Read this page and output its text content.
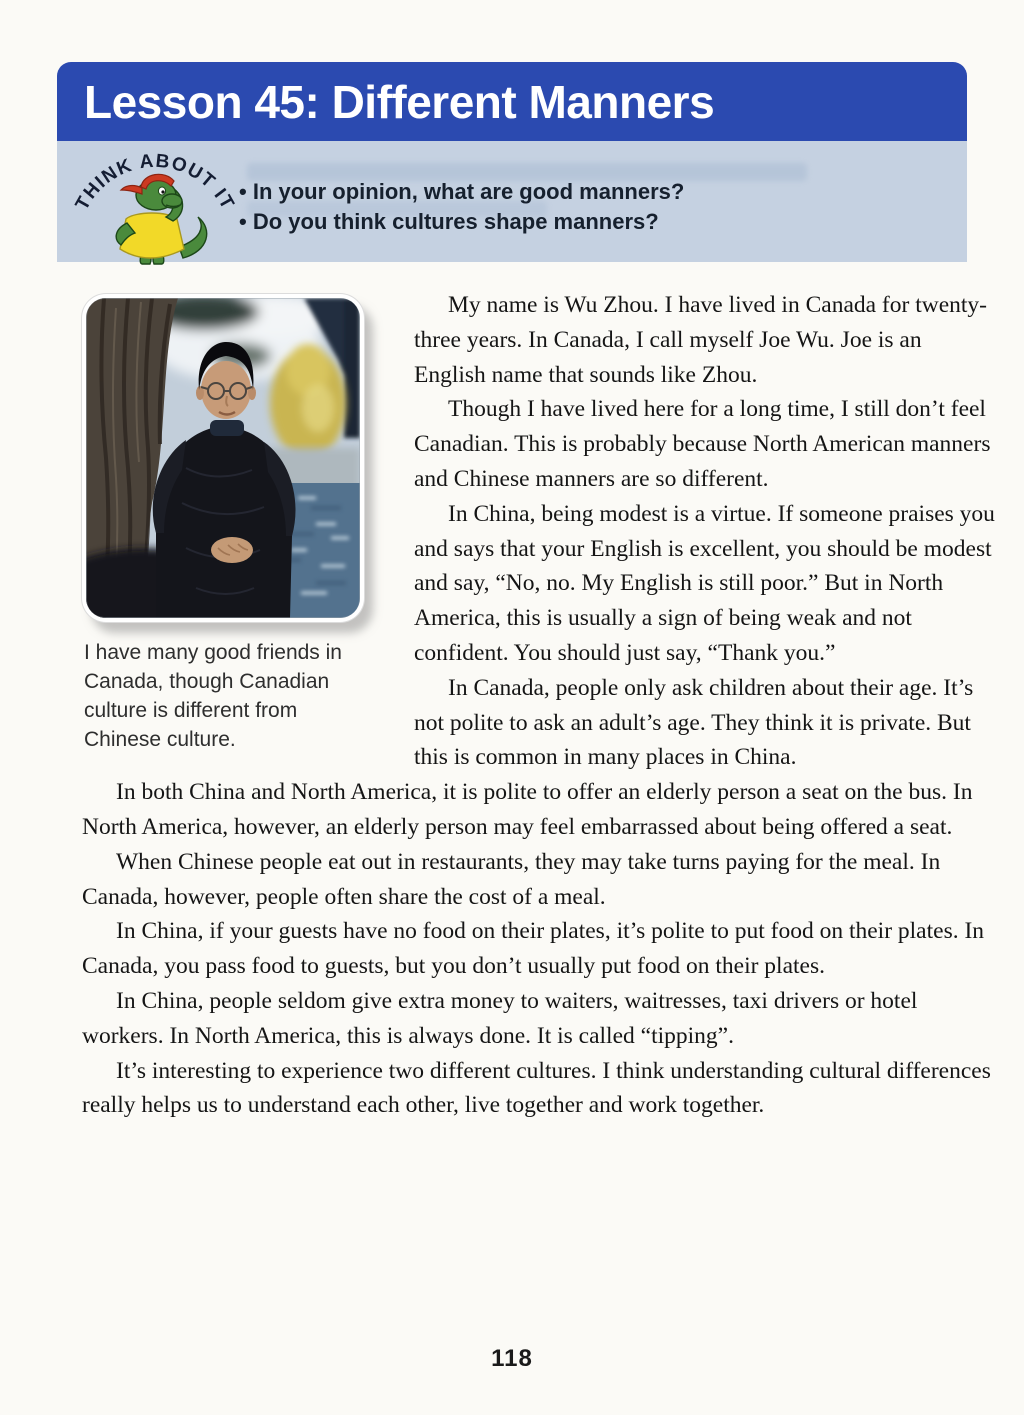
Lesson 45: Different Manners
THINK ABOUT IT • In your opinion, what are good manners?
• Do you think cultures shape manners?
I have many good friends in Canada, though Canadian culture is different from Chinese culture.

My name is Wu Zhou. I have lived in Canada for twenty-three years. In Canada, I call myself Joe Wu. Joe is an English name that sounds like Zhou.

Though I have lived here for a long time, I still don’t feel Canadian. This is probably because North American manners and Chinese manners are so different.

In China, being modest is a virtue. If someone praises you and says that your English is excellent, you should be modest and say, “No, no. My English is still poor.” But in North America, this is usually a sign of being weak and not confident. You should just say, “Thank you.”

In Canada, people only ask children about their age. It’s not polite to ask an adult’s age. They think it is private. But this is common in many places in China.

In both China and North America, it is polite to offer an elderly person a seat on the bus. In North America, however, an elderly person may feel embarrassed about being offered a seat.

When Chinese people eat out in restaurants, they may take turns paying for the meal. In Canada, however, people often share the cost of a meal.

In China, if your guests have no food on their plates, it’s polite to put food on their plates. In Canada, you pass food to guests, but you don’t usually put food on their plates.

In China, people seldom give extra money to waiters, waitresses, taxi drivers or hotel workers. In North America, this is always done. It is called “tipping”.

It’s interesting to experience two different cultures. I think understanding cultural differences really helps us to understand each other, live together and work together.

118
